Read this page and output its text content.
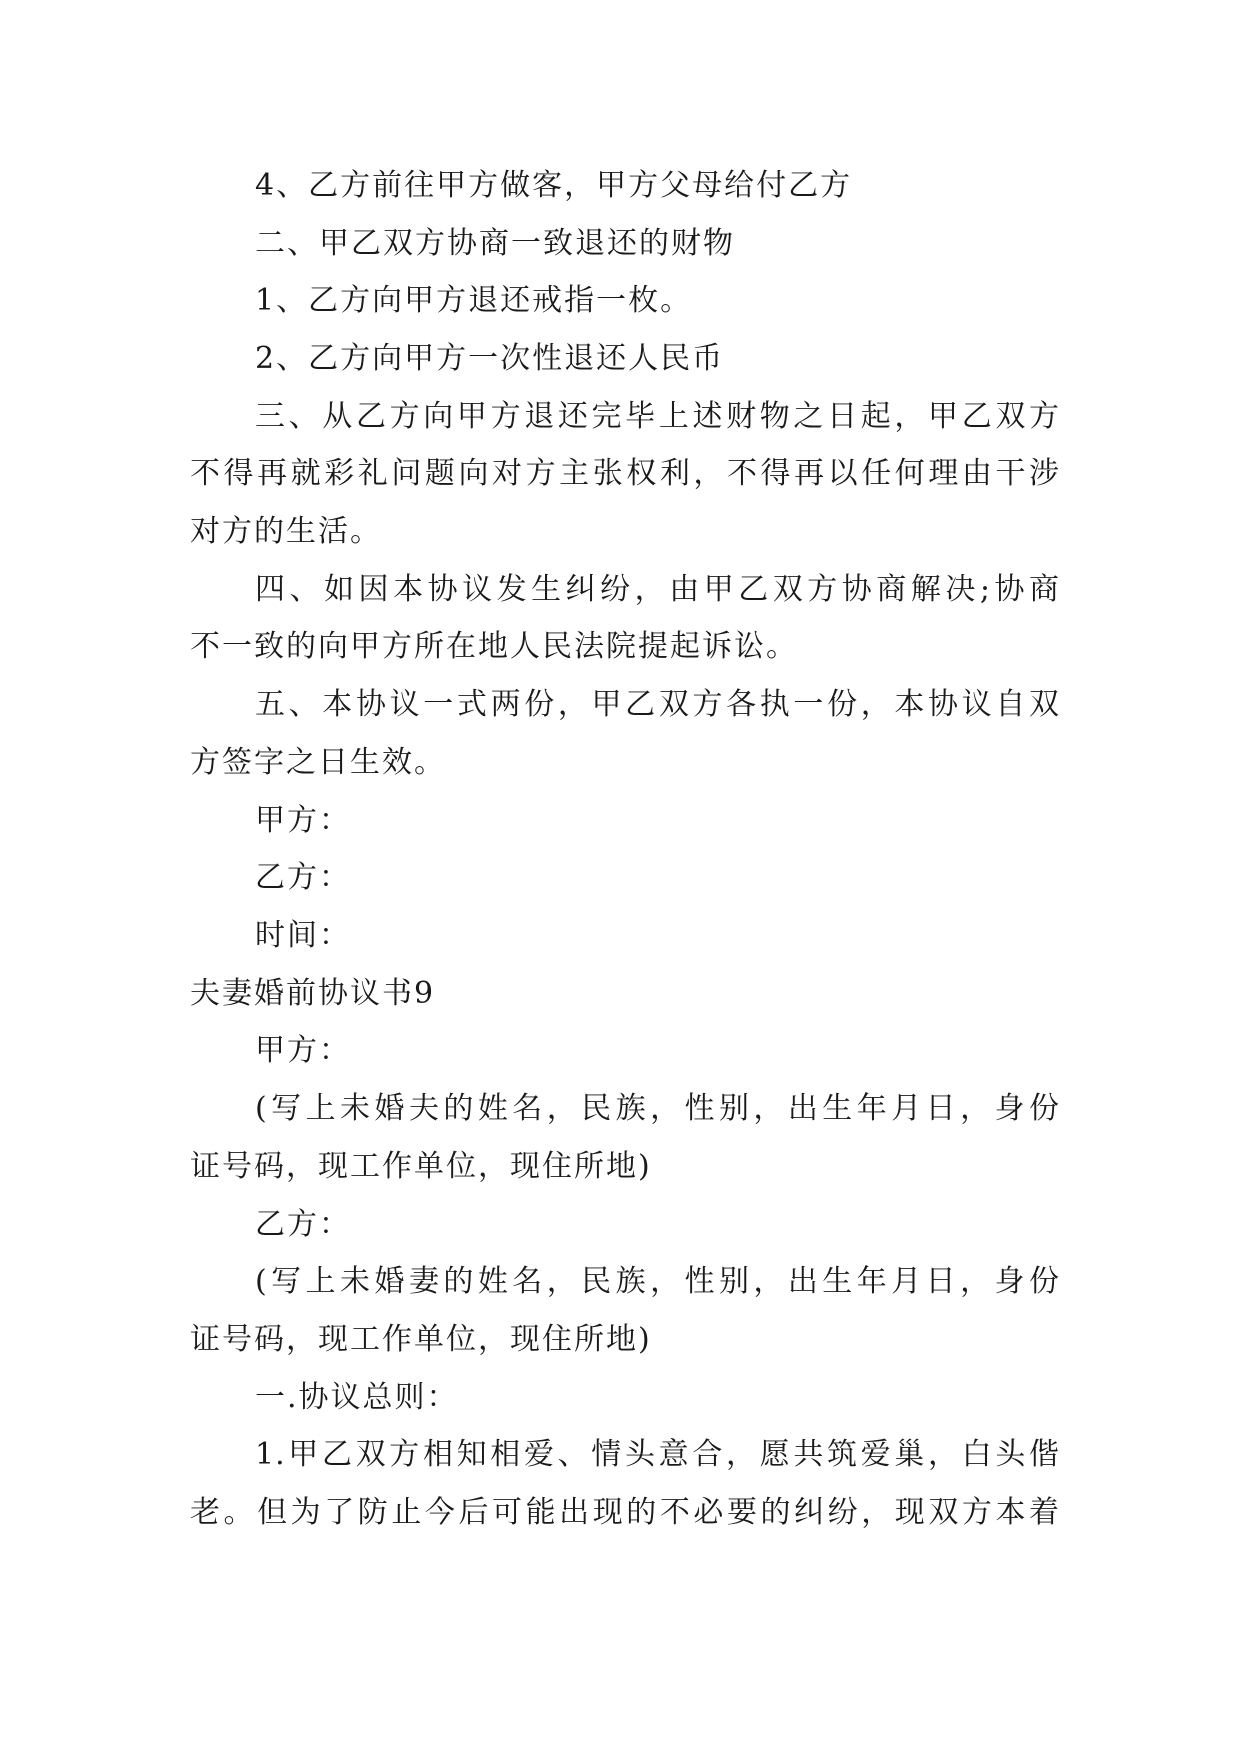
4、乙方前往甲方做客，甲方父母给付乙方
二、甲乙双方协商一致退还的财物
1、乙方向甲方退还戒指一枚。
2、乙方向甲方一次性退还人民币
三、从乙方向甲方退还完毕上述财物之日起，甲乙双方
不得再就彩礼问题向对方主张权利，不得再以任何理由干涉
对方的生活。
四、如因本协议发生纠纷，由甲乙双方协商解决;协商
不一致的向甲方所在地人民法院提起诉讼。
五、本协议一式两份，甲乙双方各执一份，本协议自双
方签字之日生效。
甲方：
乙方：
时间：
夫妻婚前协议书9
甲方：
(写上未婚夫的姓名，民族，性别，出生年月日，身份
证号码，现工作单位，现住所地)
乙方：
(写上未婚妻的姓名，民族，性别，出生年月日，身份
证号码，现工作单位，现住所地)
一.协议总则：
1.甲乙双方相知相爱、情头意合，愿共筑爱巢，白头偕
老。但为了防止今后可能出现的不必要的纠纷，现双方本着
